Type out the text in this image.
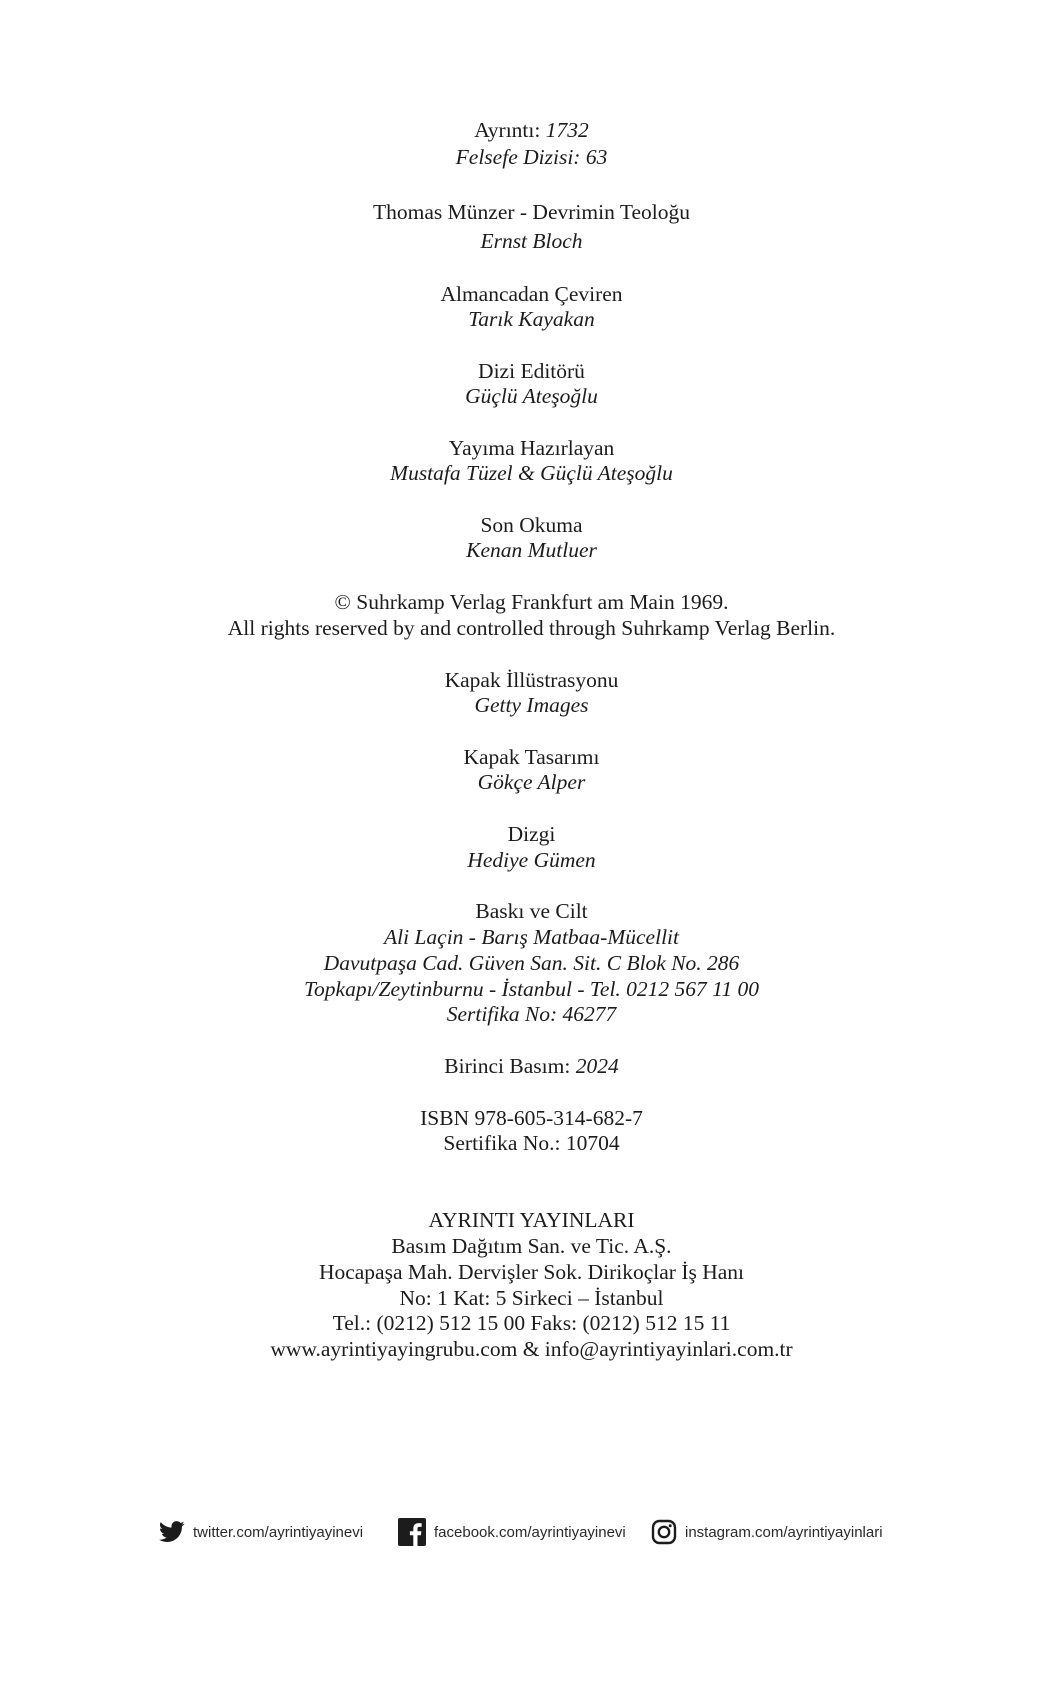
Ayrıntı: 1732
Felsefe Dizisi: 63
Thomas Münzer - Devrimin Teoloğu
Ernst Bloch
Almancadan Çeviren
Tarık Kayakan
Dizi Editörü
Güçlü Ateşoğlu
Yayıma Hazırlayan
Mustafa Tüzel & Güçlü Ateşoğlu
Son Okuma
Kenan Mutluer
© Suhrkamp Verlag Frankfurt am Main 1969.
All rights reserved by and controlled through Suhrkamp Verlag Berlin.
Kapak İllüstrasyonu
Getty Images
Kapak Tasarımı
Gökçe Alper
Dizgi
Hediye Gümen
Baskı ve Cilt
Ali Laçin - Barış Matbaa-Mücellit
Davutpaşa Cad. Güven San. Sit. C Blok No. 286
Topkapı/Zeytinburnu - İstanbul - Tel. 0212 567 11 00
Sertifika No: 46277
Birinci Basım: 2024
ISBN 978-605-314-682-7
Sertifika No.: 10704
AYRINTI YAYINLARI
Basım Dağıtım San. ve Tic. A.Ş.
Hocapaşa Mah. Dervişler Sok. Dirikoçlar İş Hanı
No: 1 Kat: 5 Sirkeci – İstanbul
Tel.: (0212) 512 15 00 Faks: (0212) 512 15 11
www.ayrintiyayingrubu.com & info@ayrintiyayinlari.com.tr
twitter.com/ayrintiyayinevi	facebook.com/ayrintiyayinevi	instagram.com/ayrintiyayinlari
